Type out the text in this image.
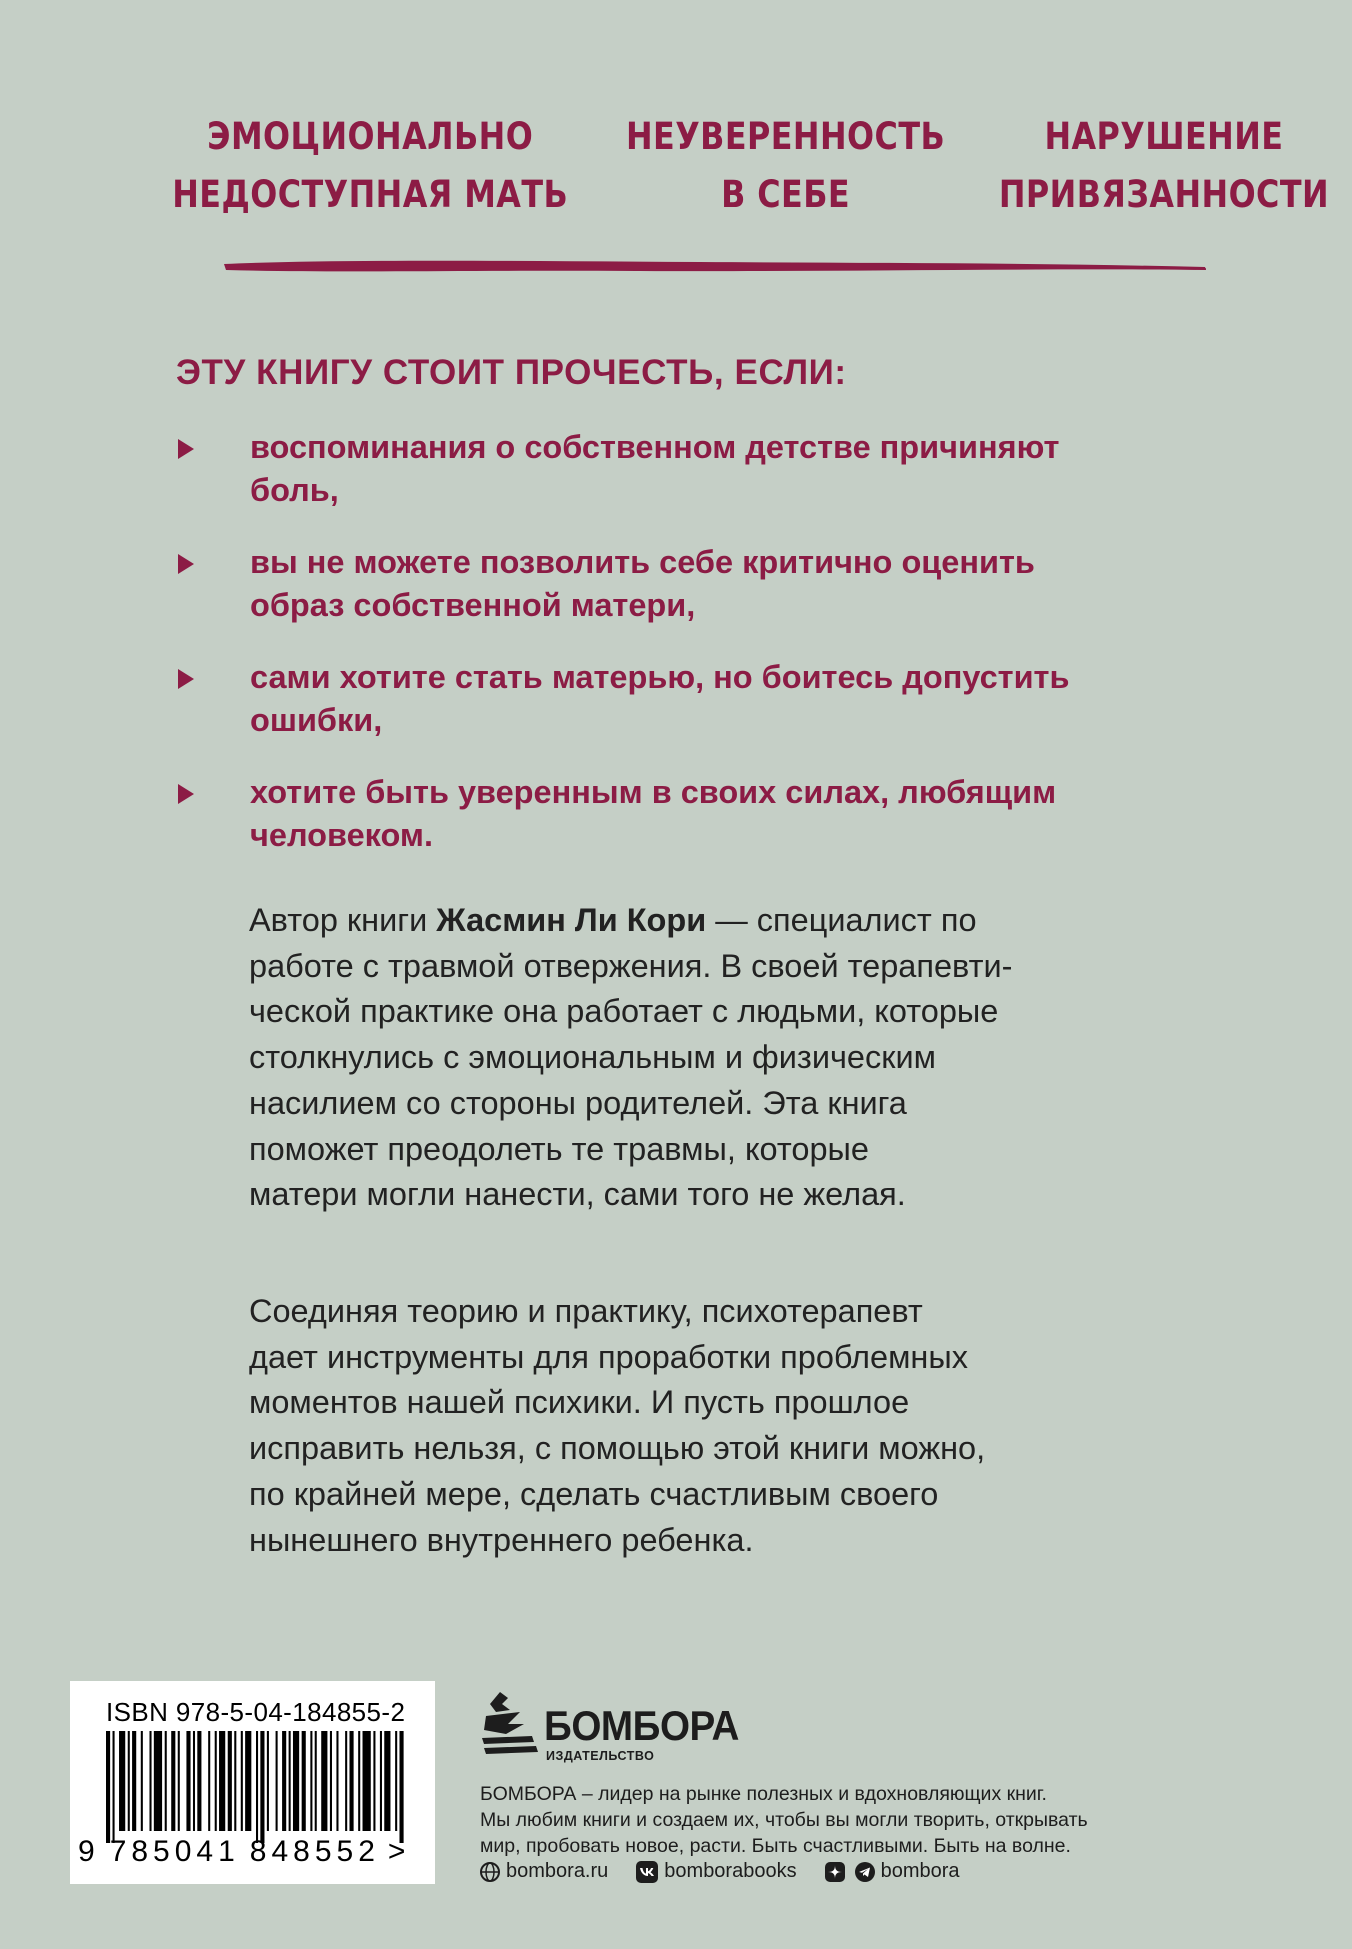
ЭМОЦИОНАЛЬНО
НЕДОСТУПНАЯ МАТЬ
НЕУВЕРЕННОСТЬ
В СЕБЕ
НАРУШЕНИЕ
ПРИВЯЗАННОСТИ
ЭТУ КНИГУ СТОИТ ПРОЧЕСТЬ, ЕСЛИ:
воспоминания о собственном детстве причиняют
боль,
вы не можете позволить себе критично оценить
образ собственной матери,
сами хотите стать матерью, но боитесь допустить
ошибки,
хотите быть уверенным в своих силах, любящим
человеком.
Автор книги Жасмин Ли Кори — специалист по
работе с травмой отвержения. В своей терапевти-
ческой практике она работает с людьми, которые
столкнулись с эмоциональным и физическим
насилием со стороны родителей. Эта книга
поможет преодолеть те травмы, которые
матери могли нанести, сами того не желая.
Соединяя теорию и практику, психотерапевт
дает инструменты для проработки проблемных
моментов нашей психики. И пусть прошлое
исправить нельзя, с помощью этой книги можно,
по крайней мере, сделать счастливым своего
нынешнего внутреннего ребенка.
ISBN 978-5-04-184855-2
9 785041 848552 >
БОМБОРА
ИЗДАТЕЛЬСТВО
БОМБОРА – лидер на рынке полезных и вдохновляющих книг.
Мы любим книги и создаем их, чтобы вы могли творить, открывать
мир, пробовать новое, расти. Быть счастливыми. Быть на волне.
bombora.ru	bomborabooks	bombora
